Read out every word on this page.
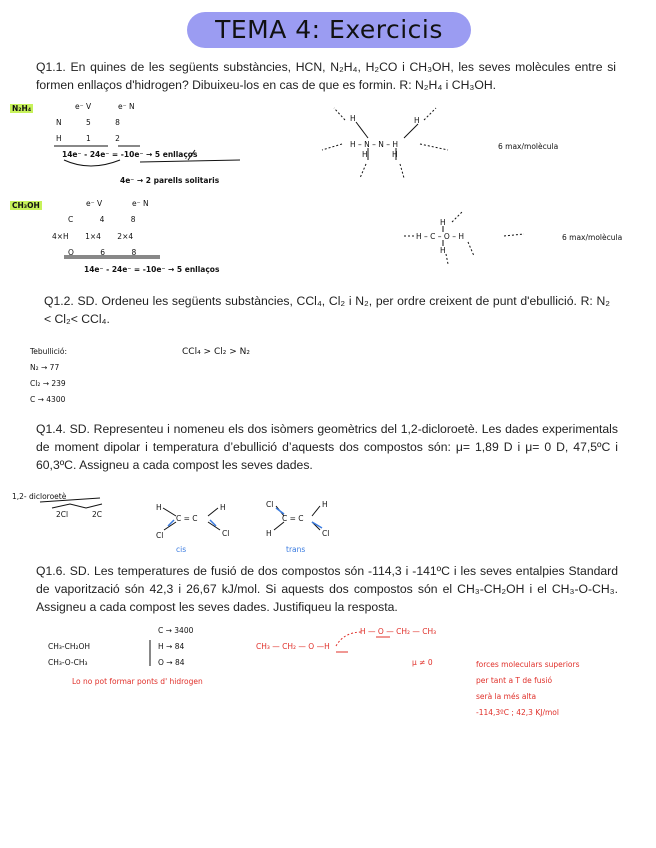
TEMA 4: Exercicis
Q1.1. En quines de les següents substàncies, HCN, N₂H₄, H₂CO i CH₃OH, les seves molècules entre si formen enllaços d'hidrogen? Dibuixeu-los en cas de que es formin. R: N₂H₄ i CH₃OH.
N₂H₄	e⁻ V	e⁻ N
N 5 8
H 1 2
14e⁻ - 24e⁻ = -10e⁻ → 5 enllaços
4e⁻ → 2 parells solitaris
6 max/molècula
CH₃OH	e⁻ V	e⁻ N
C 4 8
4×H 1×4 2×4
O 6 8
14e⁻ - 24e⁻ = -10e⁻ → 5 enllaços
6 max/molècula
Q1.2. SD. Ordeneu les següents substàncies, CCl₄, Cl₂ i N₂, per ordre creixent de punt d'ebullició. R: N₂ < Cl₂< CCl₄.
Tebullició:
N₂ → 77
Cl₂ → 239
C → 4300
CCl₄ > Cl₂ > N₂
Q1.4. SD. Representeu i nomeneu els dos isòmers geomètrics del 1,2-dicloroetè. Les dades experimentals de moment dipolar i temperatura d’ebullició d’aquests dos compostos són: μ= 1,89 D i μ= 0 D, 47,5ºC i 60,3ºC. Assigneu a cada compost les seves dades.
1,2- dicloroetè
2Cl	2C
H	H
C = C
Cl	Cl
cis
Cl	H
C = C
H	Cl
trans
Q1.6. SD. Les temperatures de fusió de dos compostos són -114,3 i -141ºC i les seves entalpies Standard de vaporització són 42,3 i 26,67 kJ/mol. Si aquests dos compostos són el CH₃-CH₂OH i el CH₃-O-CH₃. Assigneu a cada compost les seves dades. Justifiqueu la resposta.
C → 3400
H → 84
O → 84
CH₃-CH₂OH
CH₃-O-CH₃
Lo no pot formar ponts d' hidrogen
CH₃ — CH₂ — O —H
H — O — CH₂ — CH₃
μ ≠ 0	forces moleculars superiors
per tant a T de fusió
serà la més alta
-114,3ºC ; 42,3 KJ/mol
H	H
H – N – N – H
H	H
H
H – C – O – H
H
